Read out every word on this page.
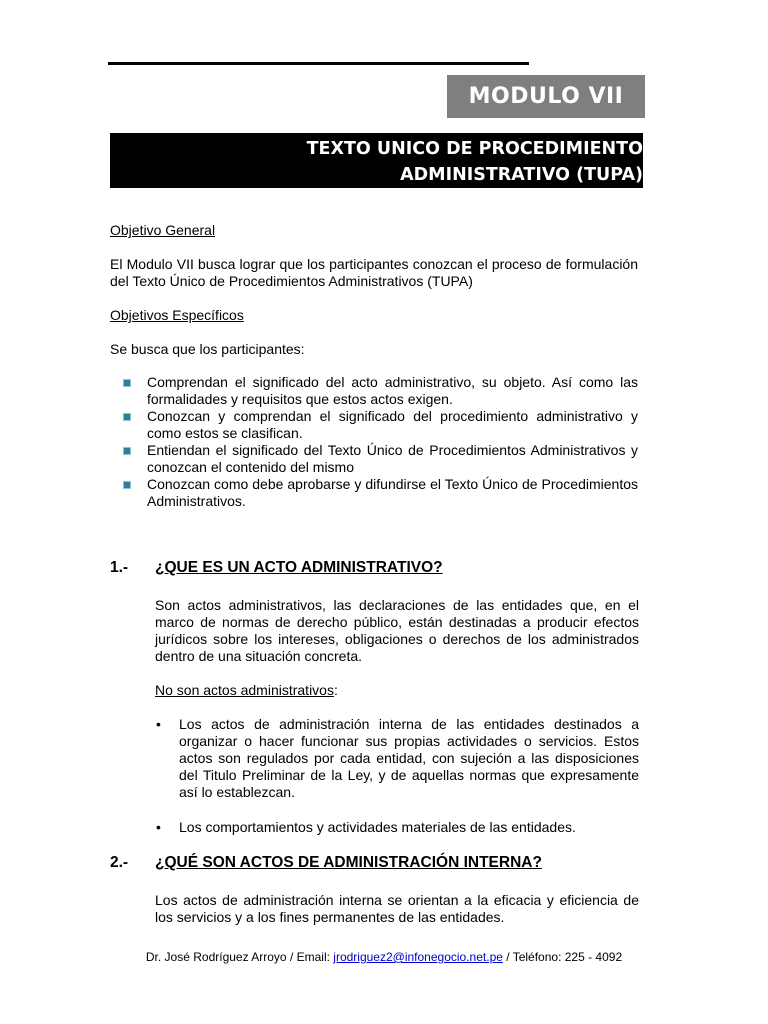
MODULO VII
TEXTO UNICO DE PROCEDIMIENTO
ADMINISTRATIVO (TUPA)
Objetivo General
El Modulo VII busca lograr que los participantes conozcan el proceso de formulación del Texto Único de Procedimientos Administrativos (TUPA)
Objetivos Específicos
Se busca que los participantes:
Comprendan el significado del acto administrativo, su objeto. Así como las formalidades y requisitos que estos actos exigen.
Conozcan y comprendan el significado del procedimiento administrativo y como estos se clasifican.
Entiendan el significado del Texto Único de Procedimientos Administrativos y conozcan el contenido del mismo
Conozcan como debe aprobarse y difundirse el Texto Único de Procedimientos Administrativos.
1.- ¿QUE ES UN ACTO ADMINISTRATIVO?
Son actos administrativos, las declaraciones de las entidades que, en el marco de normas de derecho público, están destinadas a producir efectos jurídicos sobre los intereses, obligaciones o derechos de los administrados dentro de una situación concreta.
No son actos administrativos:
• Los actos de administración interna de las entidades destinados a organizar o hacer funcionar sus propias actividades o servicios. Estos actos son regulados por cada entidad, con sujeción a las disposiciones del Titulo Preliminar de la Ley, y de aquellas normas que expresamente así lo establezcan.
• Los comportamientos y actividades materiales de las entidades.
2.- ¿QUÉ SON ACTOS DE ADMINISTRACIÓN INTERNA?
Los actos de administración interna se orientan a la eficacia y eficiencia de los servicios y a los fines permanentes de las entidades.
Dr. José Rodríguez Arroyo / Email: jrodriguez2@infonegocio.net.pe / Teléfono: 225 - 4092
